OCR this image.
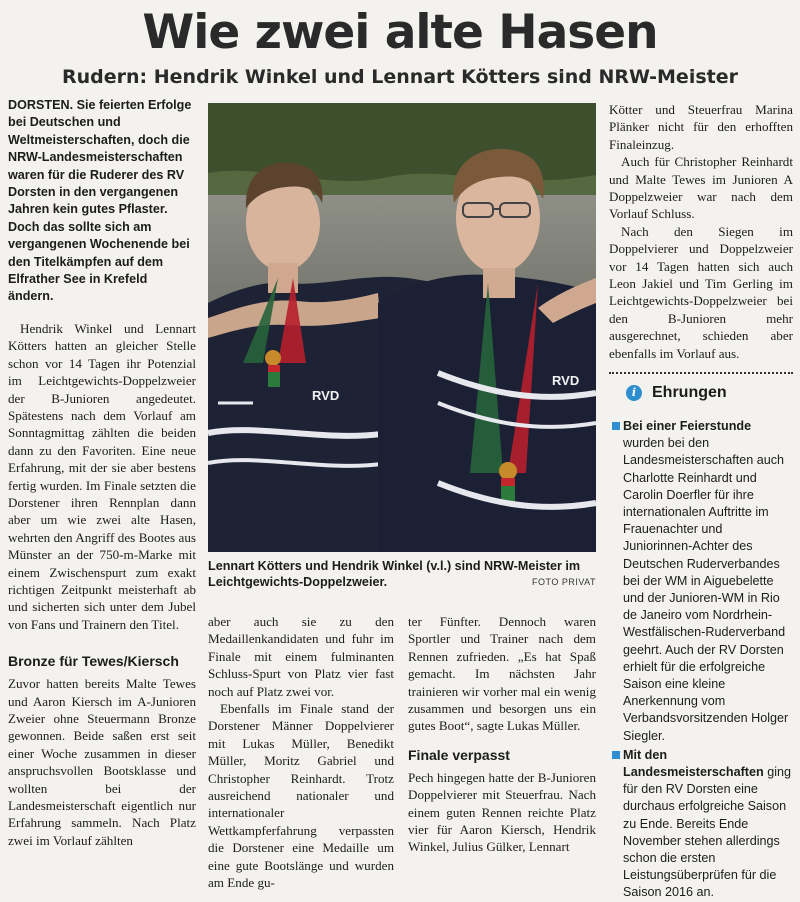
Wie zwei alte Hasen
Rudern: Hendrik Winkel und Lennart Kötters sind NRW-Meister

DORSTEN. Sie feierten Erfolge bei Deutschen und Weltmeisterschaften, doch die NRW-Landesmeisterschaften waren für die Ruderer des RV Dorsten in den vergangenen Jahren kein gutes Pflaster. Doch das sollte sich am vergangenen Wochenende bei den Titelkämpfen auf dem Elfrather See in Krefeld ändern.

Hendrik Winkel und Lennart Kötters hatten an gleicher Stelle schon vor 14 Tagen ihr Potenzial im Leichtgewichts-Doppelzweier der B-Junioren angedeutet. Spätestens nach dem Vorlauf am Sonntagmittag zählten die beiden dann zu den Favoriten. Eine neue Erfahrung, mit der sie aber bestens fertig wurden. Im Finale setzten die Dorstener ihren Rennplan dann aber um wie zwei alte Hasen, wehrten den Angriff des Bootes aus Münster an der 750-m-Marke mit einem Zwischenspurt zum exakt richtigen Zeitpunkt meisterhaft ab und sicherten sich unter dem Jubel von Fans und Trainern den Titel.

Bronze für Tewes/Kiersch

Zuvor hatten bereits Malte Tewes und Aaron Kiersch im A-Junioren Zweier ohne Steuermann Bronze gewonnen. Beide saßen erst seit einer Woche zusammen in dieser anspruchsvollen Bootsklasse und wollten bei der Landesmeisterschaft eigentlich nur Erfahrung sammeln. Nach Platz zwei im Vorlauf zählten

RVD
RVD
Lennart Kötters und Hendrik Winkel (v.l.) sind NRW-Meister im Leichtgewichts-Doppelzweier.	FOTO PRIVAT

aber auch sie zu den Medaillenkandidaten und fuhr im Finale mit einem fulminanten Schluss-Spurt von Platz vier fast noch auf Platz zwei vor.

Ebenfalls im Finale stand der Dorstener Männer Doppelvierer mit Lukas Müller, Benedikt Müller, Moritz Gabriel und Christopher Reinhardt. Trotz ausreichend nationaler und internationaler Wettkampferfahrung verpassten die Dorstener eine Medaille um eine gute Bootslänge und wurden am Ende gu-

ter Fünfter. Dennoch waren Sportler und Trainer nach dem Rennen zufrieden. „Es hat Spaß gemacht. Im nächsten Jahr trainieren wir vorher mal ein wenig zusammen und besorgen uns ein gutes Boot“, sagte Lukas Müller.

Finale verpasst

Pech hingegen hatte der B-Junioren Doppelvierer mit Steuerfrau. Nach einem guten Rennen reichte Platz vier für Aaron Kiersch, Hendrik Winkel, Julius Gülker, Lennart

Kötter und Steuerfrau Marina Plänker nicht für den erhofften Finaleinzug.

Auch für Christopher Reinhardt und Malte Tewes im Junioren A Doppelzweier war nach dem Vorlauf Schluss.

Nach den Siegen im Doppelvierer und Doppelzweier vor 14 Tagen hatten sich auch Leon Jakiel und Tim Gerling im Leichtgewichts-Doppelzweier bei den B-Junioren mehr ausgerechnet, schieden aber ebenfalls im Vorlauf aus.

i Ehrungen
Bei einer Feierstunde wurden bei den Landesmeisterschaften auch Charlotte Reinhardt und Carolin Doerfler für ihre internationalen Auftritte im Frauenachter und Juniorinnen-Achter des Deutschen Ruderverbandes bei der WM in Aiguebelette und der Junioren-WM in Rio de Janeiro vom Nordrhein-Westfälischen-Ruderverband geehrt. Auch der RV Dorsten erhielt für die erfolgreiche Saison eine kleine Anerkennung vom Verbandsvorsitzenden Holger Siegler.
Mit den Landesmeisterschaften ging für den RV Dorsten eine durchaus erfolgreiche Saison zu Ende. Bereits Ende November stehen allerdings schon die ersten Leistungsüberprüfen für die Saison 2016 an.
